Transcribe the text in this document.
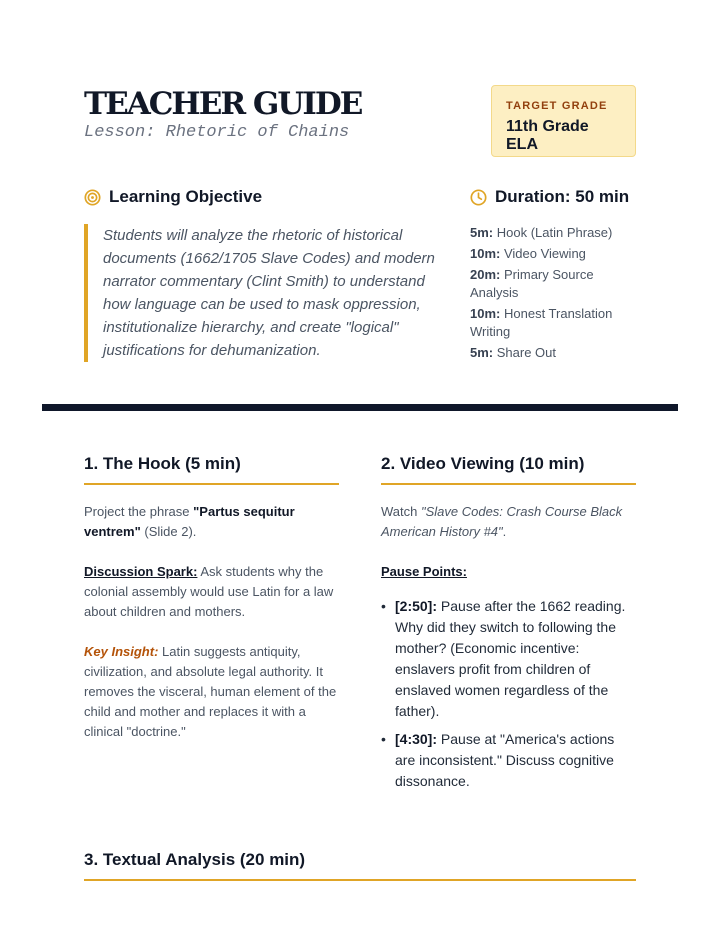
TEACHER GUIDE
Lesson: Rhetoric of Chains
TARGET GRADE
11th Grade ELA
Learning Objective
Students will analyze the rhetoric of historical documents (1662/1705 Slave Codes) and modern narrator commentary (Clint Smith) to understand how language can be used to mask oppression, institutionalize hierarchy, and create "logical" justifications for dehumanization.
Duration: 50 min
5m: Hook (Latin Phrase)
10m: Video Viewing
20m: Primary Source Analysis
10m: Honest Translation Writing
5m: Share Out
1. The Hook (5 min)

Project the phrase "Partus sequitur ventrem" (Slide 2).

Discussion Spark: Ask students why the colonial assembly would use Latin for a law about children and mothers.

Key Insight: Latin suggests antiquity, civilization, and absolute legal authority. It removes the visceral, human element of the child and mother and replaces it with a clinical "doctrine."

2. Video Viewing (10 min)

Watch "Slave Codes: Crash Course Black American History #4".

Pause Points:
• [2:50]: Pause after the 1662 reading. Why did they switch to following the mother? (Economic incentive: enslavers profit from children of enslaved women regardless of the father).
• [4:30]: Pause at "America's actions are inconsistent." Discuss cognitive dissonance.
3. Textual Analysis (20 min)
